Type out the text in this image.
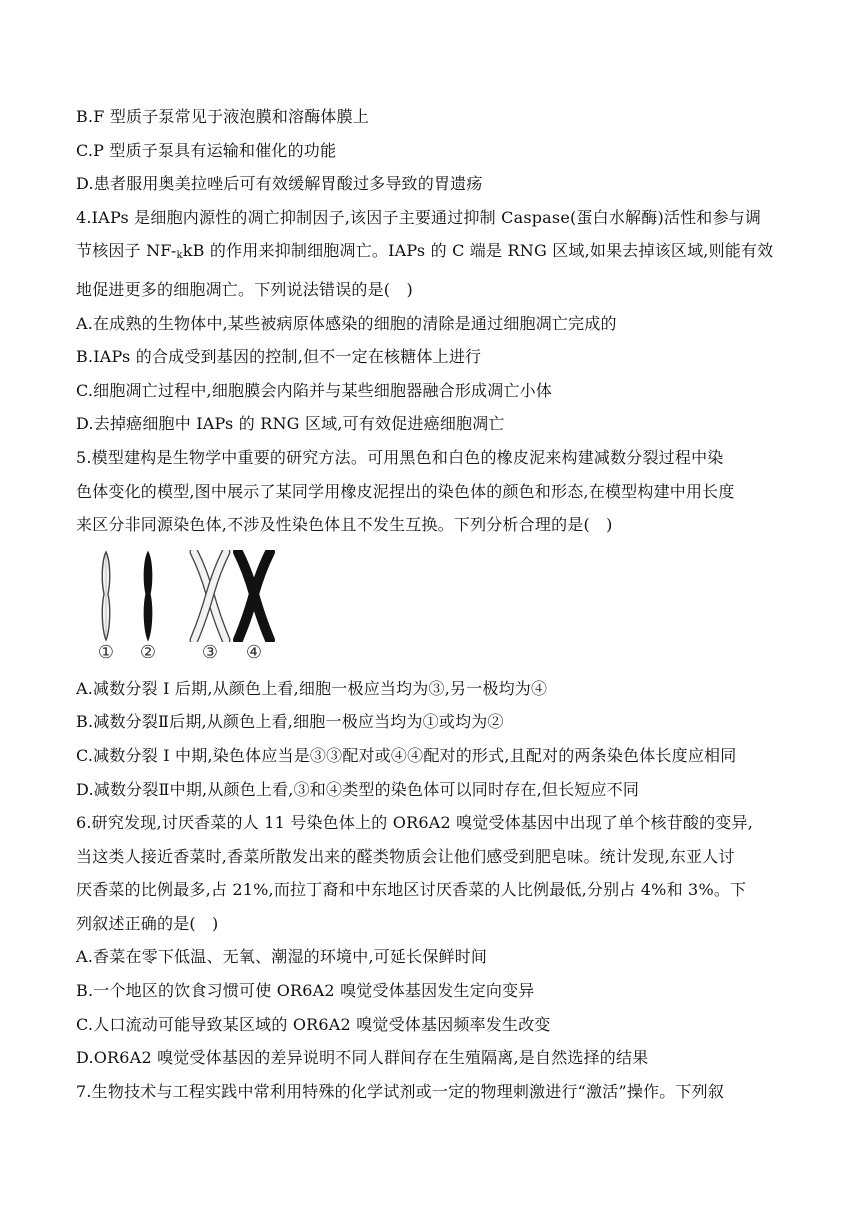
B.F 型质子泵常见于液泡膜和溶酶体膜上
C.P 型质子泵具有运输和催化的功能
D.患者服用奥美拉唑后可有效缓解胃酸过多导致的胃遗疡
4.IAPs 是细胞内源性的凋亡抑制因子,该因子主要通过抑制 Caspase(蛋白水解酶)活性和参与调
节核因子 $NF-_kkB$ 的作用来抑制细胞凋亡。IAPs 的 C 端是 RNG 区域,如果去掉该区域,则能有效
地促进更多的细胞凋亡。下列说法错误的是(　)
A.在成熟的生物体中,某些被病原体感染的细胞的清除是通过细胞凋亡完成的
B.IAPs 的合成受到基因的控制,但不一定在核糖体上进行
C.细胞凋亡过程中,细胞膜会内陷并与某些细胞器融合形成凋亡小体
D.去掉癌细胞中 IAPs 的 RNG 区域,可有效促进癌细胞凋亡
5.模型建构是生物学中重要的研究方法。可用黑色和白色的橡皮泥来构建减数分裂过程中染
色体变化的模型,图中展示了某同学用橡皮泥捏出的染色体的颜色和形态,在模型构建中用长度
来区分非同源染色体,不涉及性染色体且不发生互换。下列分析合理的是(　)
① ②	③ ④
A.减数分裂 I 后期,从颜色上看,细胞一极应当均为③,另一极均为④
B.减数分裂Ⅱ后期,从颜色上看,细胞一极应当均为①或均为②
C.减数分裂 I 中期,染色体应当是③③配对或④④配对的形式,且配对的两条染色体长度应相同
D.减数分裂Ⅱ中期,从颜色上看,③和④类型的染色体可以同时存在,但长短应不同
6.研究发现,讨厌香菜的人 11 号染色体上的 OR6A2 嗅觉受体基因中出现了单个核苷酸的变异,
当这类人接近香菜时,香菜所散发出来的醛类物质会让他们感受到肥皂味。统计发现,东亚人讨
厌香菜的比例最多,占 21%,而拉丁裔和中东地区讨厌香菜的人比例最低,分别占 4%和 3%。下
列叙述正确的是(　)
A.香菜在零下低温、无氧、潮湿的环境中,可延长保鲜时间
B.一个地区的饮食习惯可使 OR6A2 嗅觉受体基因发生定向变异
C.人口流动可能导致某区域的 OR6A2 嗅觉受体基因频率发生改变
D.OR6A2 嗅觉受体基因的差异说明不同人群间存在生殖隔离,是自然选择的结果
7.生物技术与工程实践中常利用特殊的化学试剂或一定的物理刺激进行“激活”操作。下列叙
